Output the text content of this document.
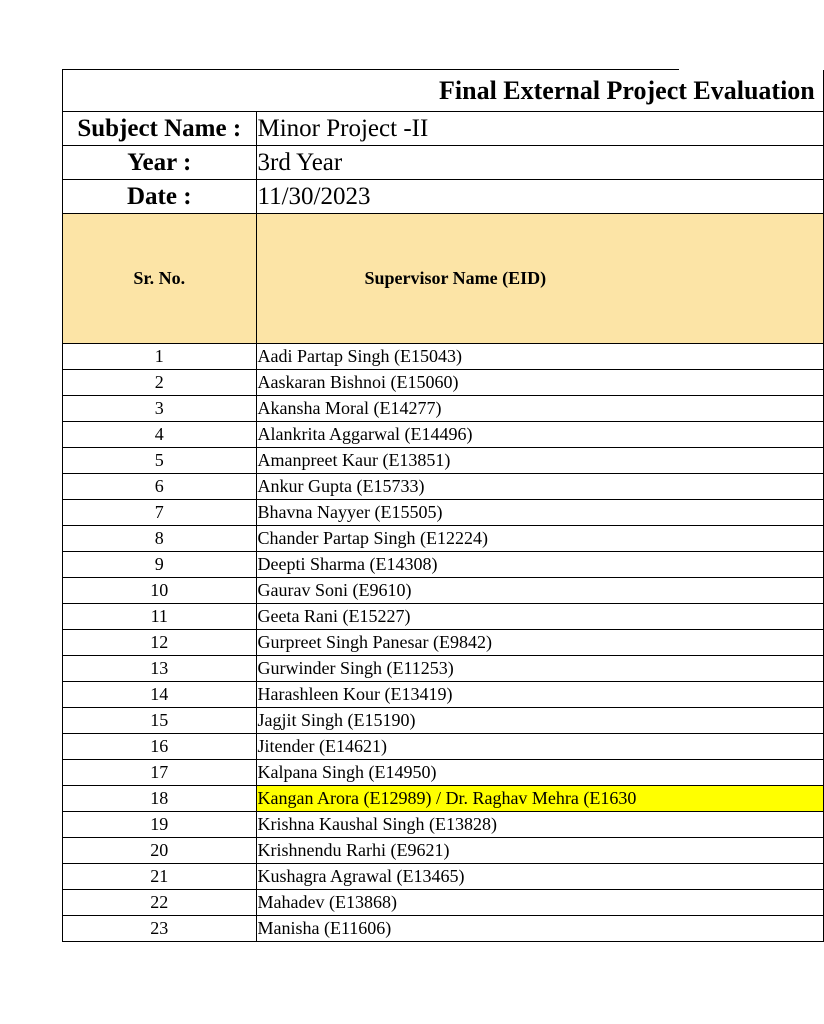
Final External Project Evaluation	

Subject Name :	Minor Project -II
Year :	3rd Year
Date :	11/30/2023
Sr. No.	Supervisor Name (EID)
1	Aadi Partap Singh (E15043)
2	Aaskaran Bishnoi (E15060)
3	Akansha Moral (E14277)
4	Alankrita Aggarwal (E14496)
5	Amanpreet Kaur (E13851)
6	Ankur Gupta (E15733)
7	Bhavna Nayyer (E15505)
8	Chander Partap Singh (E12224)
9	Deepti Sharma (E14308)
10	Gaurav Soni (E9610)
11	Geeta Rani (E15227)
12	Gurpreet Singh Panesar (E9842)
13	Gurwinder Singh (E11253)
14	Harashleen Kour (E13419)
15	Jagjit Singh (E15190)
16	Jitender (E14621)
17	Kalpana Singh (E14950)
18	Kangan Arora (E12989) / Dr. Raghav Mehra (E1630
19	Krishna Kaushal Singh (E13828)
20	Krishnendu Rarhi (E9621)
21	Kushagra Agrawal (E13465)
22	Mahadev (E13868)
23	Manisha (E11606)
